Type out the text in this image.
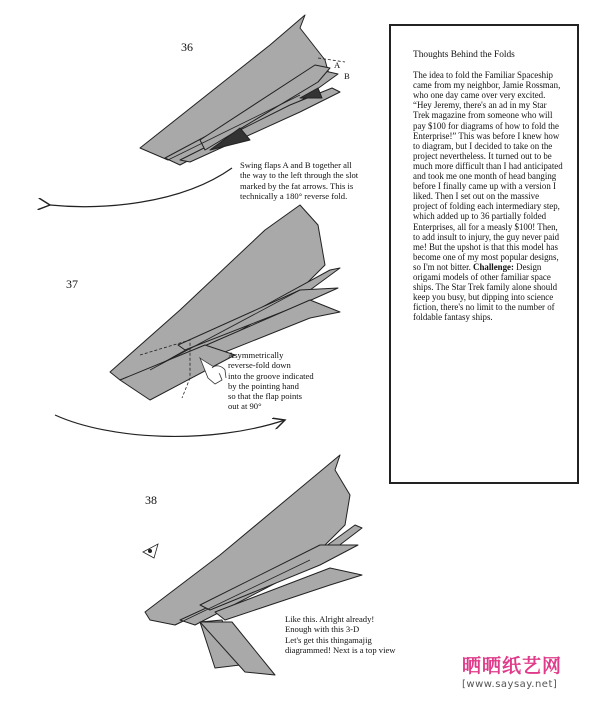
36
A
B
Swing flaps A and B together all
the way to the left through the slot
marked by the fat arrows. This is
technically a 180° reverse fold.
37
Asymmetrically
reverse-fold down
into the groove indicated
by the pointing hand
so that the flap points
out at 90°
38
Like this. Alright already!
Enough with this 3-D
Let's get this thingamajig
diagrammed! Next is a top view
Thoughts Behind the Folds

The idea to fold the Familiar Spaceship came from my neighbor, Jamie Rossman, who one day came over very excited. “Hey Jeremy, there's an ad in my Star Trek magazine from someone who will pay $100 for diagrams of how to fold the Enterprise!” This was before I knew how to diagram, but I decided to take on the project nevertheless. It turned out to be much more difficult than I had anticipated and took me one month of head banging before I finally came up with a version I liked. Then I set out on the massive project of folding each intermediary step, which added up to 36 partially folded Enterprises, all for a measly $100! Then, to add insult to injury, the guy never paid me! But the upshot is that this model has become one of my most popular designs, so I'm not bitter. Challenge: Design origami models of other familiar space ships. The Star Trek family alone should keep you busy, but dipping into science fiction, there's no limit to the number of foldable fantasy ships.

晒晒纸艺网
[www.saysay.net]
